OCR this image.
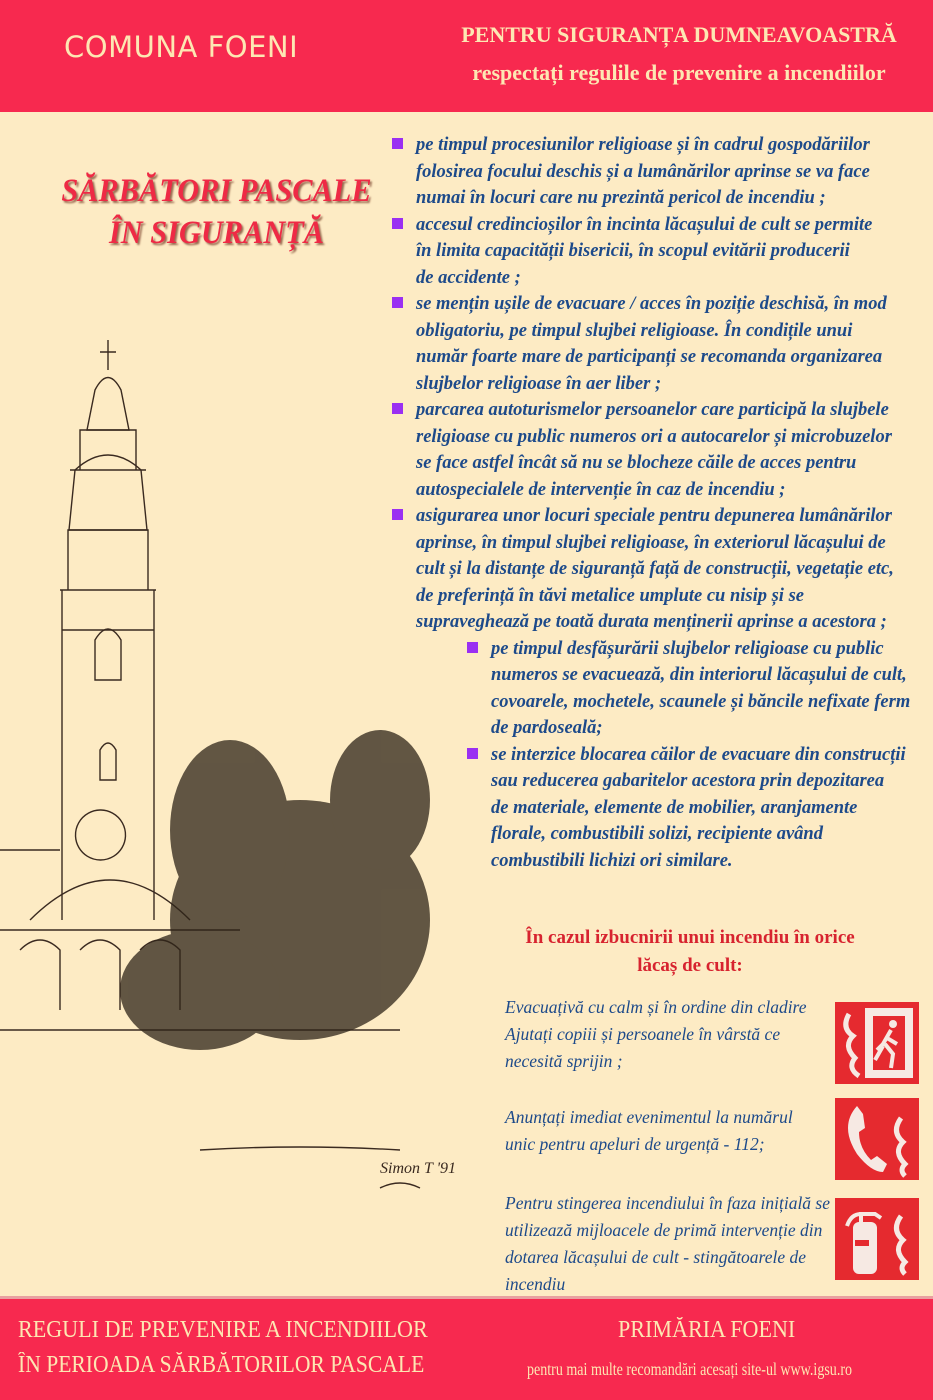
COMUNA FOENI	PENTRU SIGURANȚA DUMNEAVOASTRĂ
respectați regulile de prevenire a incendiilor
SĂRBĂTORI PASCALE
ÎN SIGURANȚĂ
Simon T '91
pe timpul procesiunilor religioase și în cadrul gospodăriilor
folosirea focului deschis și a lumânărilor aprinse se va face
numai în locuri care nu prezintă pericol de incendiu ;
accesul credincioșilor în incinta lăcașului de cult se permite
în limita capacității bisericii, în scopul evitării producerii
de accidente ;
se mențin ușile de evacuare / acces în poziție deschisă, în mod
obligatoriu, pe timpul slujbei religioase. În condițile unui
număr foarte mare de participanți se recomanda organizarea
slujbelor religioase în aer liber ;
parcarea autoturismelor persoanelor care participă la slujbele
religioase cu public numeros ori a autocarelor și microbuzelor
se face astfel încât să nu se blocheze căile de acces pentru
autospecialele de intervenție în caz de incendiu ;
asigurarea unor locuri speciale pentru depunerea lumânărilor
aprinse, în timpul slujbei religioase, în exteriorul lăcașului de
cult și la distanțe de siguranță față de construcții, vegetație etc,
de preferință în tăvi metalice umplute cu nisip și se
supraveghează pe toată durata menținerii aprinse a acestora ;
pe timpul desfășurării slujbelor religioase cu public
numeros se evacuează, din interiorul lăcașului de cult,
covoarele, mochetele, scaunele și băncile nefixate ferm
de pardoseală;
se interzice blocarea căilor de evacuare din construcții
sau reducerea gabaritelor acestora prin depozitarea
de materiale, elemente de mobilier, aranjamente
florale, combustibili solizi, recipiente având
combustibili lichizi ori similare.
În cazul izbucnirii unui incendiu în orice
lăcaș de cult:
Evacuațivă cu calm și în ordine din cladire
Ajutați copiii și persoanele în vârstă ce
necesită sprijin ;
Anunțați imediat evenimentul la numărul
unic pentru apeluri de urgență - 112;
Pentru stingerea incendiului în faza inițială se
utilizează mijloacele de primă intervenție din
dotarea lăcașului de cult - stingătoarele de
incendiu
REGULI DE PREVENIRE A INCENDIILOR
ÎN PERIOADA SĂRBĂTORILOR PASCALE
PRIMĂRIA FOENI
pentru mai multe recomandări acesați site-ul www.igsu.ro
